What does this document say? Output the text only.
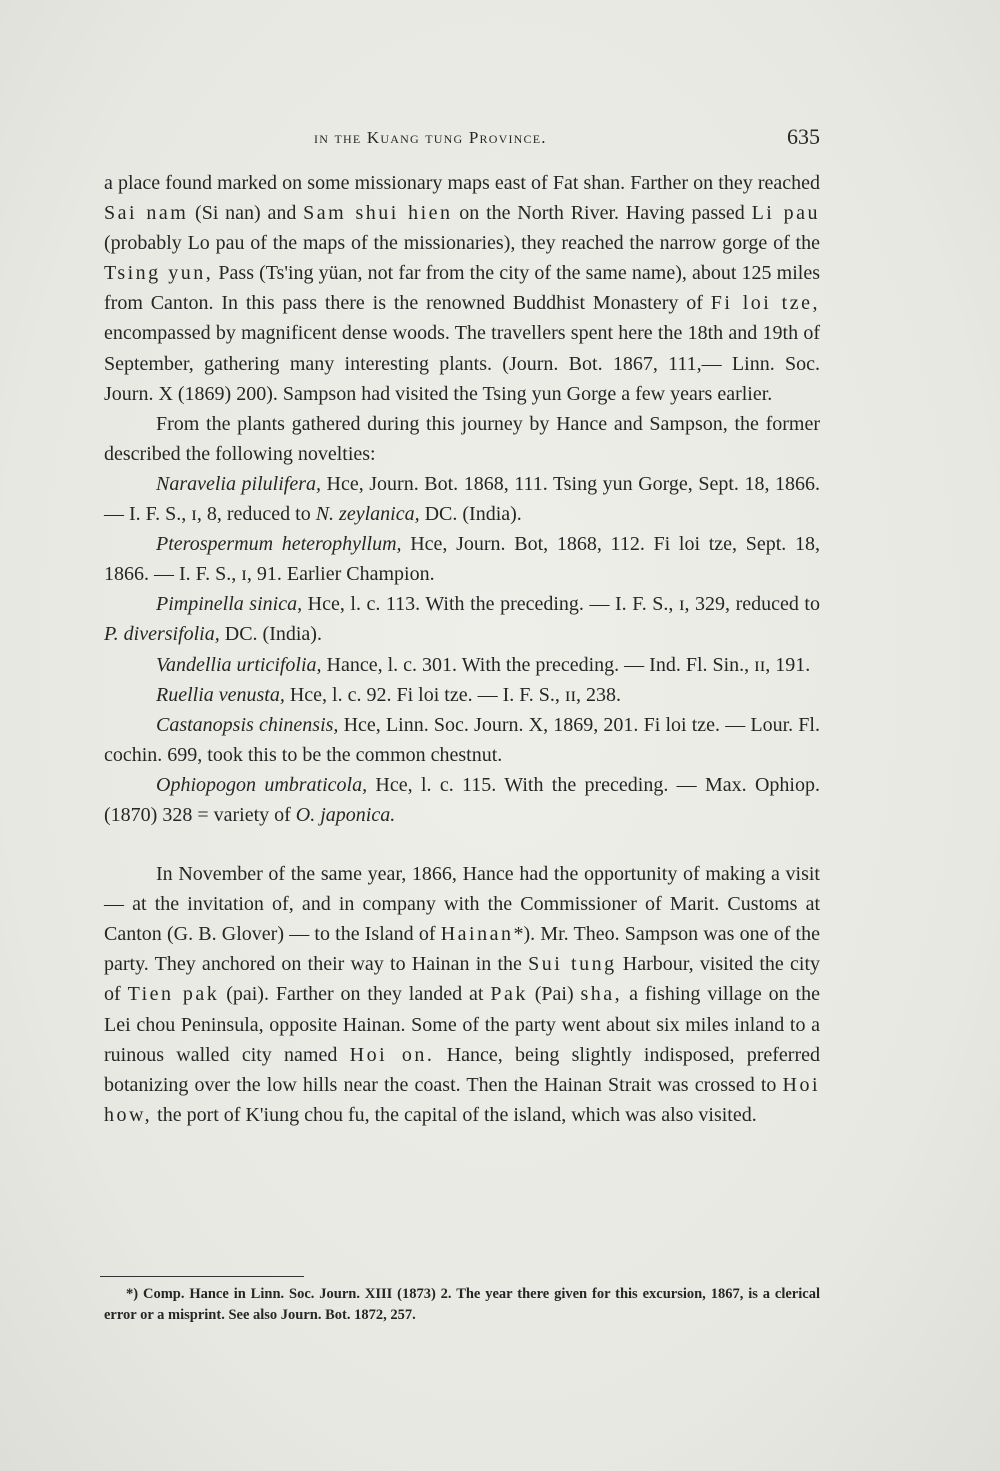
in the Kuang tung Province.	635

a place found marked on some missionary maps east of Fat shan. Farther on they reached Sai nam (Si nan) and Sam shui hien on the North River. Having passed Li pau (probably Lo pau of the maps of the missionaries), they reached the narrow gorge of the Tsing yun, Pass (Ts'ing yüan, not far from the city of the same name), about 125 miles from Canton. In this pass there is the renowned Buddhist Monastery of Fi loi tze, encompassed by magnificent dense woods. The travellers spent here the 18th and 19th of September, gathering many interesting plants. (Journ. Bot. 1867, 111,— Linn. Soc. Journ. X (1869) 200). Sampson had visited the Tsing yun Gorge a few years earlier.

From the plants gathered during this journey by Hance and Sampson, the former described the following novelties:

Naravelia pilulifera, Hce, Journ. Bot. 1868, 111. Tsing yun Gorge, Sept. 18, 1866. — I. F. S., ɪ, 8, reduced to N. zeylanica, DC. (India).

Pterospermum heterophyllum, Hce, Journ. Bot, 1868, 112. Fi loi tze, Sept. 18, 1866. — I. F. S., ɪ, 91. Earlier Champion.

Pimpinella sinica, Hce, l. c. 113. With the preceding. — I. F. S., ɪ, 329, reduced to P. diversifolia, DC. (India).

Vandellia urticifolia, Hance, l. c. 301. With the preceding. — Ind. Fl. Sin., ɪɪ, 191.

Ruellia venusta, Hce, l. c. 92. Fi loi tze. — I. F. S., ɪɪ, 238.

Castanopsis chinensis, Hce, Linn. Soc. Journ. X, 1869, 201. Fi loi tze. — Lour. Fl. cochin. 699, took this to be the common chestnut.

Ophiopogon umbraticola, Hce, l. c. 115. With the preceding. — Max. Ophiop. (1870) 328 = variety of O. japonica.

In November of the same year, 1866, Hance had the opportunity of making a visit — at the invitation of, and in company with the Commissioner of Marit. Customs at Canton (G. B. Glover) — to the Island of Hainan*). Mr. Theo. Sampson was one of the party. They anchored on their way to Hainan in the Sui tung Harbour, visited the city of Tien pak (pai). Farther on they landed at Pak (Pai) sha, a fishing village on the Lei chou Peninsula, opposite Hainan. Some of the party went about six miles inland to a ruinous walled city named Hoi on. Hance, being slightly indisposed, preferred botanizing over the low hills near the coast. Then the Hainan Strait was crossed to Hoi how, the port of K'iung chou fu, the capital of the island, which was also visited.

*) Comp. Hance in Linn. Soc. Journ. XIII (1873) 2. The year there given for this excursion, 1867, is a clerical error or a misprint. See also Journ. Bot. 1872, 257.
